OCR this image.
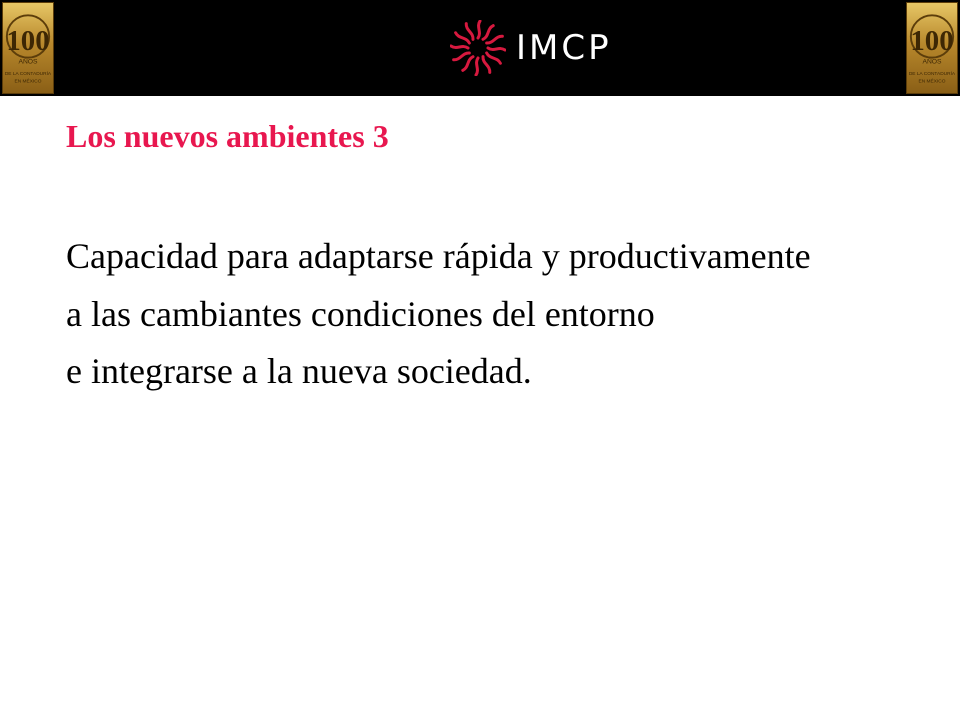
100
AÑOS
DE LA CONTADURÍA
EN MÉXICO
IMCP	100
AÑOS
DE LA CONTADURÍA
EN MÉXICO
Los nuevos ambientes 3

Capacidad para adaptarse rápida y productivamente

a las cambiantes condiciones del entorno

e integrarse a la nueva sociedad.
